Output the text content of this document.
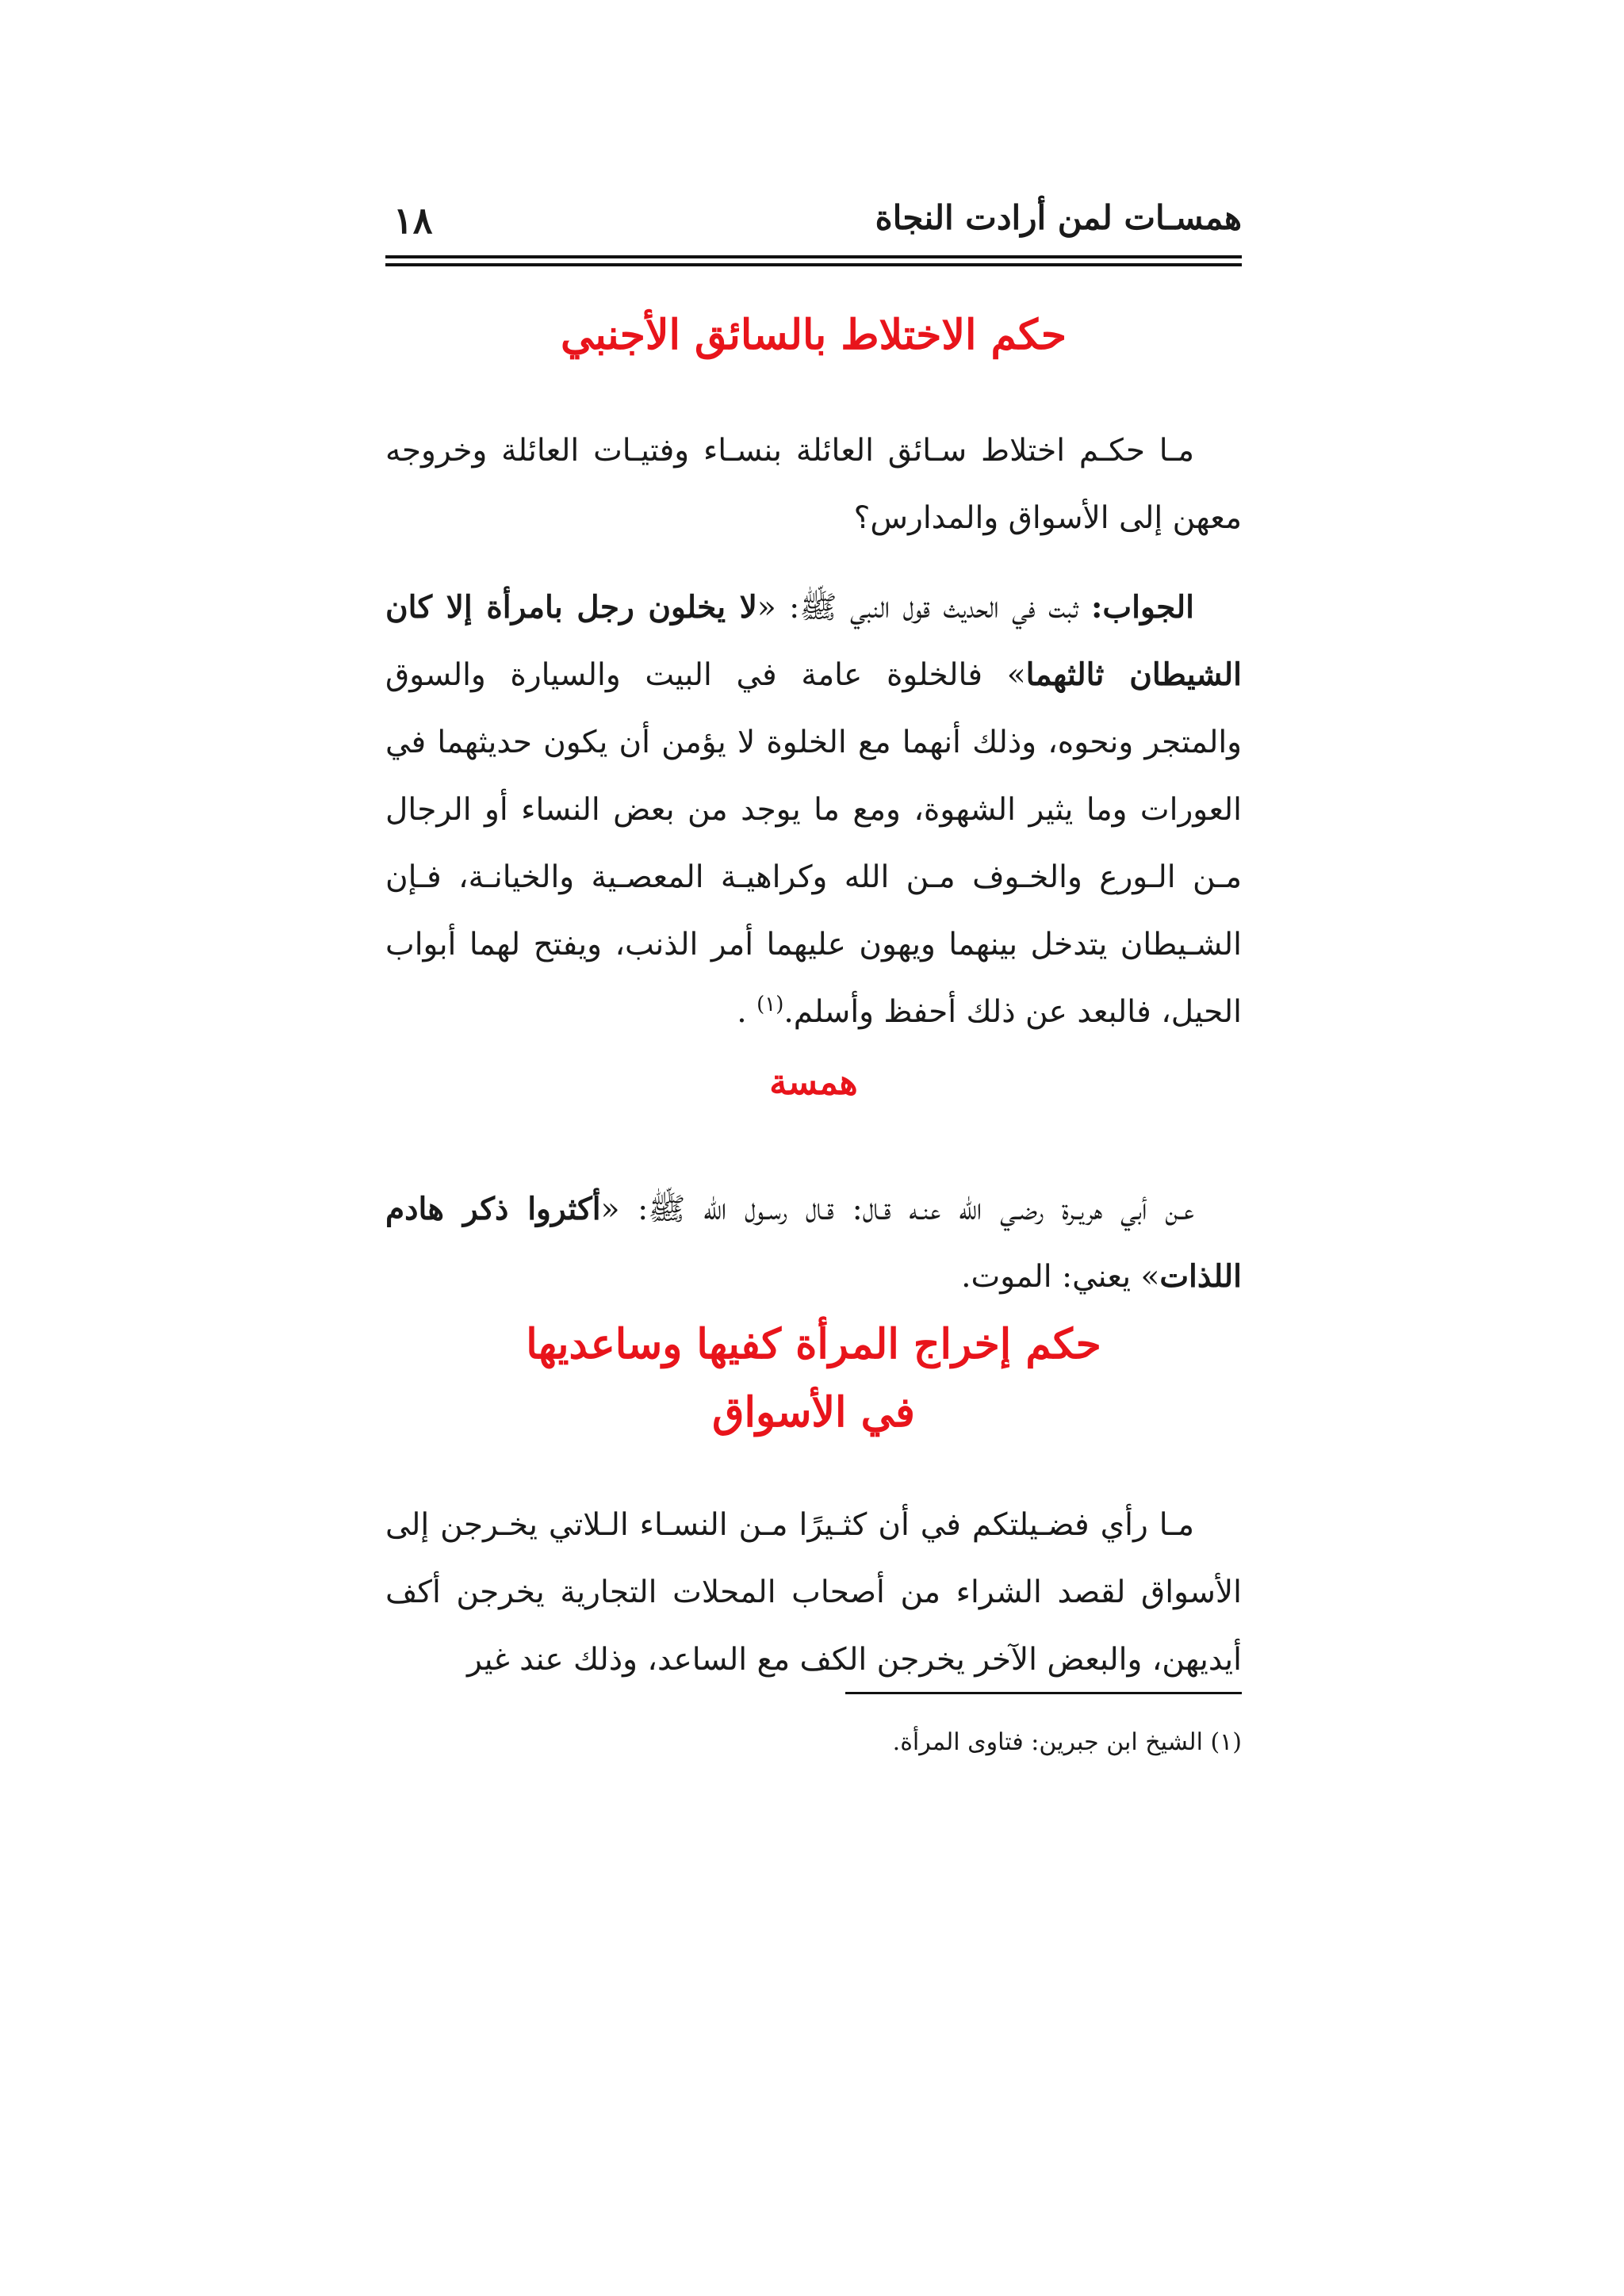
همسـات لمن أرادت النجاة
١٨
حكم الاختلاط بالسائق الأجنبي

مـا حكـم اختلاط سـائق العائلة بنسـاء وفتيـات العائلة وخروجه معهن إلى الأسواق والمدارس؟

الجواب: ثبت في الحديث قول النبي ﷺ: «لا يخلون رجل بامرأة إلا كان الشيطان ثالثهما» فالخلوة عامة في البيت والسيارة والسوق والمتجر ونحوه، وذلك أنهما مع الخلوة لا يؤمن أن يكون حديثهما في العورات وما يثير الشهوة، ومع ما يوجد من بعض النساء أو الرجال مـن الـورع والخـوف مـن الله وكراهيـة المعصـية والخيانـة، فـإن الشـيطان يتدخل بينهما ويهون عليهما أمر الذنب، ويفتح لهما أبواب الحيل، فالبعد عن ذلك أحفظ وأسلم.$^{(١)}$ .

همسة

عـن أبي هريـرة رضـي الله عنـه قـال: قـال رسـول الله ﷺ: «أكثروا ذكر هادم اللذات» يعني: الموت.

حكم إخراج المرأة كفيها وساعديها
في الأسواق

مـا رأي فضـيلتكم في أن كثـيرًا مـن النسـاء الـلاتي يخـرجن إلى الأسواق لقصد الشراء من أصحاب المحلات التجارية يخرجن أكف أيديهن، والبعض الآخر يخرجن الكف مع الساعد، وذلك عند غير

(١) الشيخ ابن جبرين: فتاوى المرأة.
